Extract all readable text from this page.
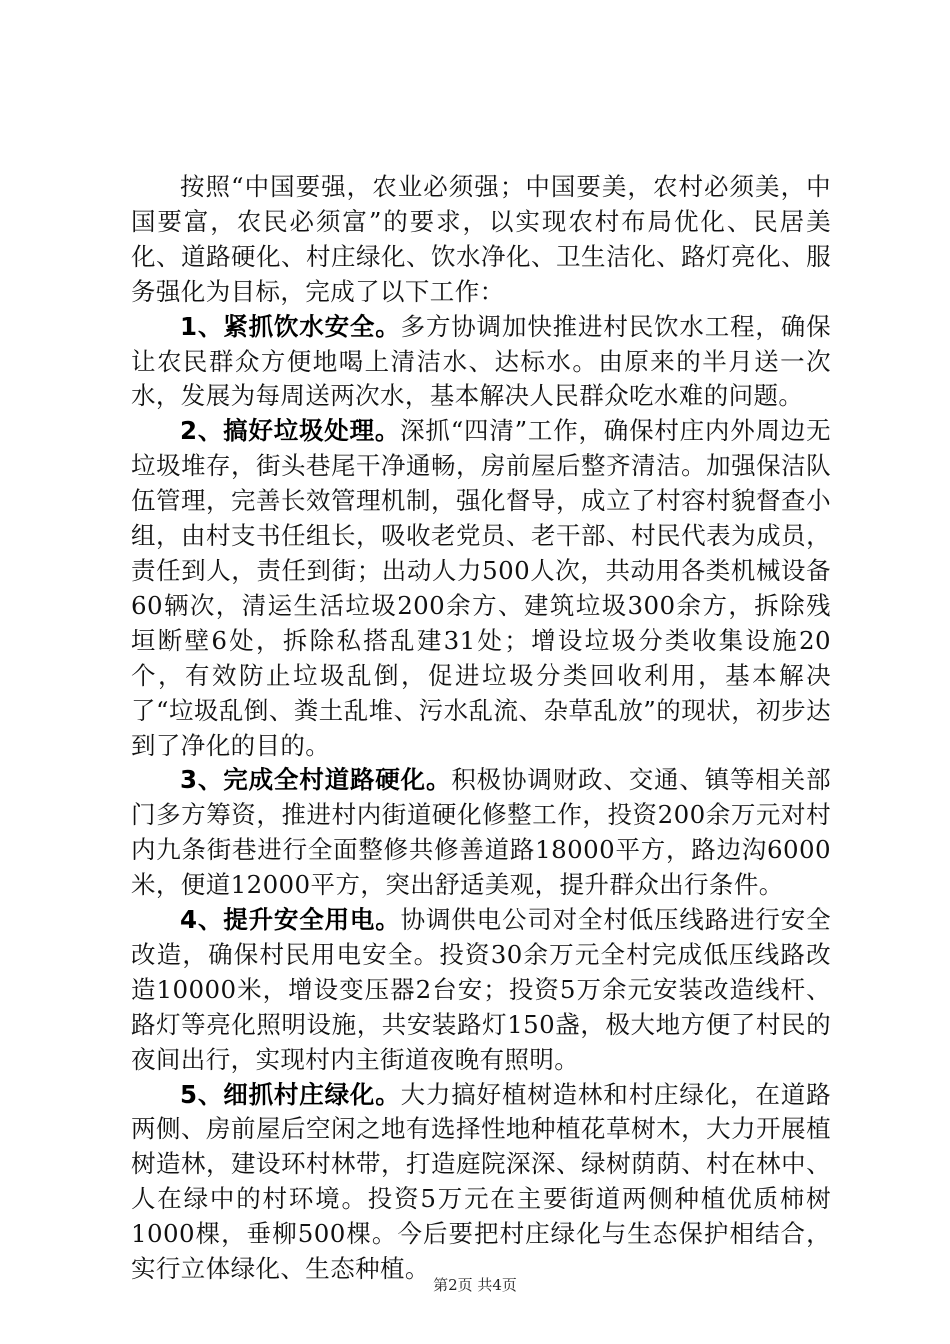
按照“中国要强，农业必须强；中国要美，农村必须美，中国要富，农民必须富”的要求，以实现农村布局优化、民居美化、道路硬化、村庄绿化、饮水净化、卫生洁化、路灯亮化、服务强化为目标，完成了以下工作：

1、紧抓饮水安全。多方协调加快推进村民饮水工程，确保让农民群众方便地喝上清洁水、达标水。由原来的半月送一次水，发展为每周送两次水，基本解决人民群众吃水难的问题。

2、搞好垃圾处理。深抓“四清”工作，确保村庄内外周边无垃圾堆存，街头巷尾干净通畅，房前屋后整齐清洁。加强保洁队伍管理，完善长效管理机制，强化督导，成立了村容村貌督查小组，由村支书任组长，吸收老党员、老干部、村民代表为成员，责任到人，责任到街；出动人力500人次，共动用各类机械设备60辆次，清运生活垃圾200余方、建筑垃圾300余方，拆除残垣断壁6处，拆除私搭乱建31处；增设垃圾分类收集设施20个，有效防止垃圾乱倒，促进垃圾分类回收利用，基本解决了“垃圾乱倒、粪土乱堆、污水乱流、杂草乱放”的现状，初步达到了净化的目的。

3、完成全村道路硬化。积极协调财政、交通、镇等相关部门多方筹资，推进村内街道硬化修整工作，投资200余万元对村内九条街巷进行全面整修共修善道路18000平方，路边沟6000米，便道12000平方，突出舒适美观，提升群众出行条件。

4、提升安全用电。协调供电公司对全村低压线路进行安全改造，确保村民用电安全。投资30余万元全村完成低压线路改造10000米，增设变压器2台安；投资5万余元安装改造线杆、路灯等亮化照明设施，共安装路灯150盏，极大地方便了村民的夜间出行，实现村内主街道夜晚有照明。

5、细抓村庄绿化。大力搞好植树造林和村庄绿化，在道路两侧、房前屋后空闲之地有选择性地种植花草树木，大力开展植树造林，建设环村林带，打造庭院深深、绿树荫荫、村在林中、人在绿中的村环境。投资5万元在主要街道两侧种植优质柿树1000棵，垂柳500棵。今后要把村庄绿化与生态保护相结合，实行立体绿化、生态种植。

第2页 共4页
